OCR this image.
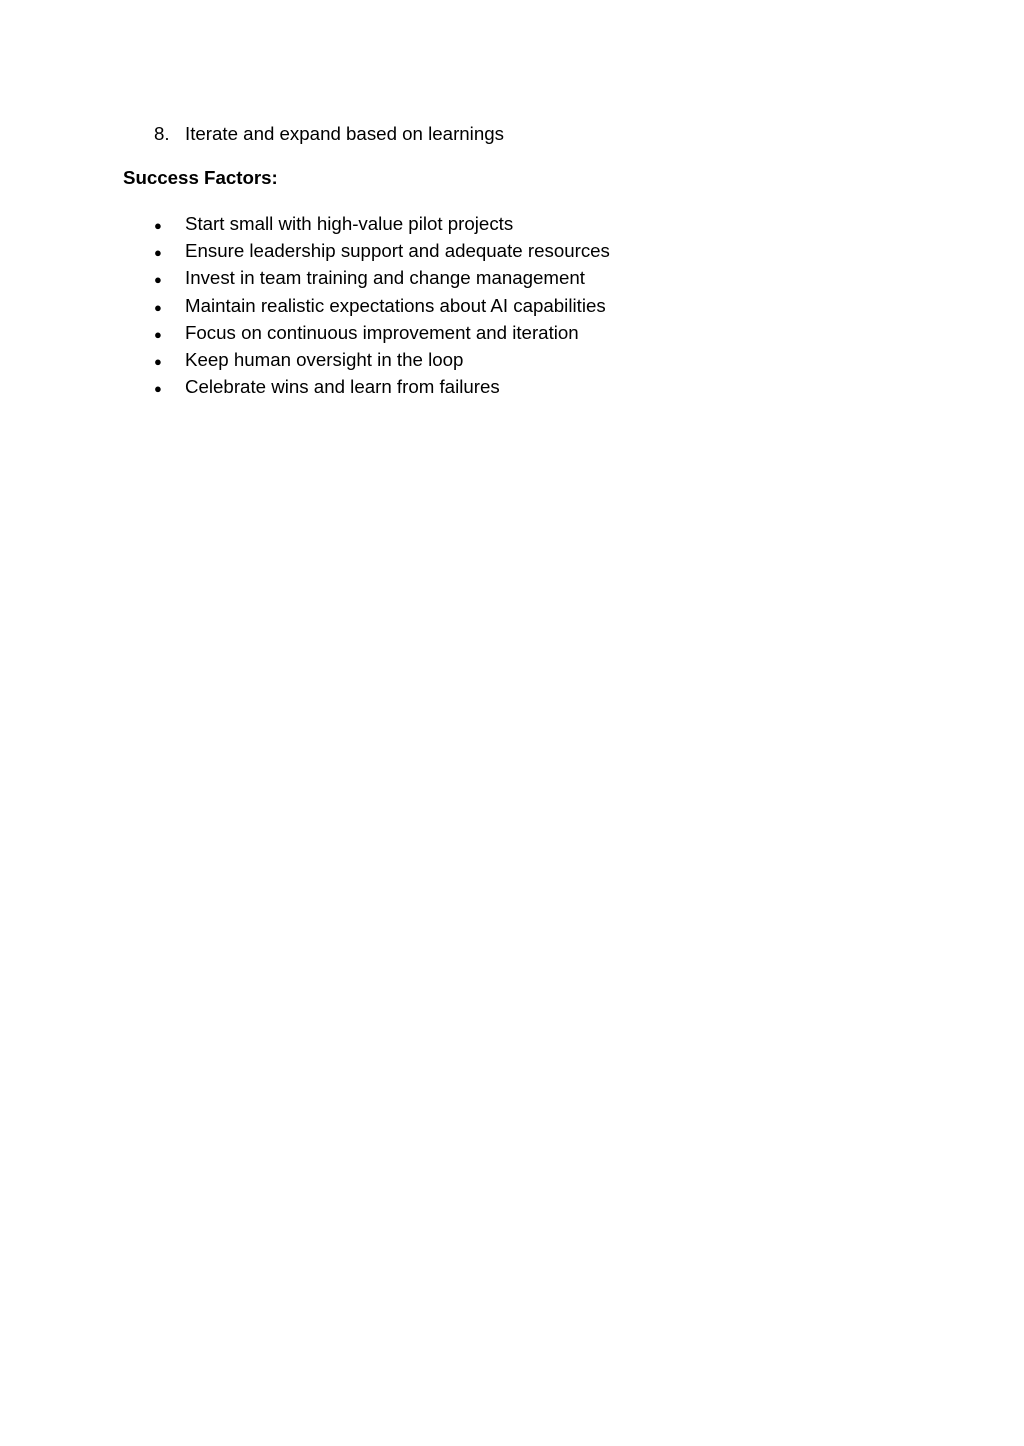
8. Iterate and expand based on learnings
Success Factors:
●	Start small with high-value pilot projects
●	Ensure leadership support and adequate resources
●	Invest in team training and change management
●	Maintain realistic expectations about AI capabilities
●	Focus on continuous improvement and iteration
●	Keep human oversight in the loop
●	Celebrate wins and learn from failures
